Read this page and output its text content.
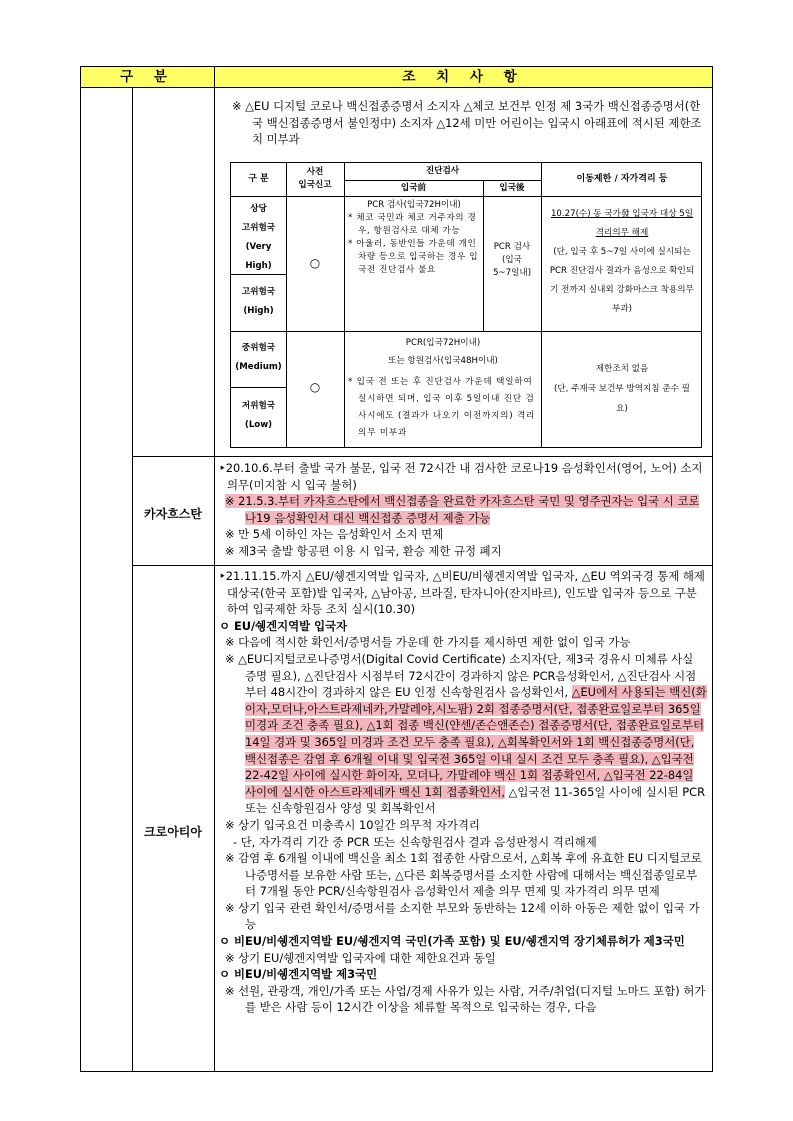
구 분	조 치 사 항
카자흐스탄
크로아티아

※ △EU 디지털 코로나 백신접종증명서 소지자 △체코 보건부 인정 제 3국가 백신접종증명서(한국 백신접종증명서 불인정中) 소지자 △12세 미만 어린이는 입국시 아래표에 적시된 제한조치 미부과

구 분
사전
입국신고
진단검사
입국前	입국後
이동제한 / 자가격리 등
상당
고위험국
(Very
High)
고위험국
(High)
중위험국
(Medium)
저위험국
(Low)
○
PCR 검사(입국72H이내)
* 체코 국민과 체코 거주자의 경우, 항원검사로 대체 가능
* 아울러, 동반인들 가운데 개인 차량 등으로 입국하는 경우 입국전 진단검사 불요
PCR 검사
(입국
5~7일내)
10.27(수) 동 국가發 입국자 대상 5일 격리의무 해제
(단, 입국 후 5~7일 사이에 실시되는 PCR 진단검사 결과가 음성으로 확인되기 전까지 실내외 강화마스크 착용의무 부과)
○
PCR(입국72H이내)
또는 항원검사(입국48H이내)
* 입국 전 또는 후 진단검사 가운데 택일하여 실시하면 되며, 입국 이후 5일이내 진단 검사시에도 (결과가 나오기 이전까지의) 격리의무 미부과
제한조치 없음
(단, 주재국 보건부 방역지침 준수 필요)

‣20.10.6.부터 출발 국가 불문, 입국 전 72시간 내 검사한 코로나19 음성확인서(영어, 노어) 소지 의무(미지참 시 입국 불허)

※ 21.5.3.부터 카자흐스탄에서 백신접종을 완료한 카자흐스탄 국민 및 영주권자는 입국 시 코로나19 음성확인서 대신 백신접종 증명서 제출 가능

※ 만 5세 이하인 자는 음성확인서 소지 면제

※ 제3국 출발 항공편 이용 시 입국, 환승 제한 규정 폐지

‣21.11.15.까지 △EU/쉥겐지역발 입국자, △비EU/비쉥겐지역발 입국자, △EU 역외국경 통제 해제 대상국(한국 포함)발 입국자, △남아공, 브라질, 탄자니아(잔지바르), 인도발 입국자 등으로 구분하여 입국제한 차등 조치 실시(10.30)

ㅇ EU/쉥겐지역발 입국자

※ 다음에 적시한 확인서/증명서들 가운데 한 가지를 제시하면 제한 없이 입국 가능

※ △EU디지털코로나증명서(Digital Covid Certificate) 소지자(단, 제3국 경유시 미체류 사실 증명 필요), △진단검사 시점부터 72시간이 경과하지 않은 PCR음성확인서, △진단검사 시점부터 48시간이 경과하지 않은 EU 인정 신속항원검사 음성확인서, △EU에서 사용되는 백신(화이자,모더나,아스트라제네카,가말레야,시노팜) 2회 접종증명서(단, 접종완료일로부터 365일 미경과 조건 충족 필요), △1회 접종 백신(얀센/존슨앤존슨) 접종증명서(단, 접종완료일로부터 14일 경과 및 365일 미경과 조건 모두 충족 필요), △회복확인서와 1회 백신접종증명서(단, 백신접종은 감염 후 6개월 이내 및 입국전 365일 이내 실시 조건 모두 충족 필요), △입국전 22-42일 사이에 실시한 화이자, 모더나, 가말레야 백신 1회 접종확인서, △입국전 22-84일 사이에 실시한 아스트라제네카 백신 1회 접종확인서, △입국전 11-365일 사이에 실시된 PCR 또는 신속항원검사 양성 및 회복확인서

※ 상기 입국요건 미충족시 10일간 의무적 자가격리

- 단, 자가격리 기간 중 PCR 또는 신속항원검사 결과 음성판정시 격리해제

※ 감염 후 6개월 이내에 백신을 최소 1회 접종한 사람으로서, △회복 후에 유효한 EU 디지털코로나증명서를 보유한 사람 또는, △다른 회복증명서를 소지한 사람에 대해서는 백신접종일로부터 7개월 동안 PCR/신속항원검사 음성확인서 제출 의무 면제 및 자가격리 의무 면제

※ 상기 입국 관련 확인서/증명서를 소지한 부모와 동반하는 12세 이하 아동은 제한 없이 입국 가능

ㅇ 비EU/비쉥겐지역발 EU/쉥겐지역 국민(가족 포함) 및 EU/쉥겐지역 장기체류허가 제3국민

※ 상기 EU/쉥겐지역발 입국자에 대한 제한요건과 동일

ㅇ 비EU/비쉥겐지역발 제3국민

※ 선원, 관광객, 개인/가족 또는 사업/경제 사유가 있는 사람, 거주/취업(디지털 노마드 포함) 허가를 받은 사람 등이 12시간 이상을 체류할 목적으로 입국하는 경우, 다음
